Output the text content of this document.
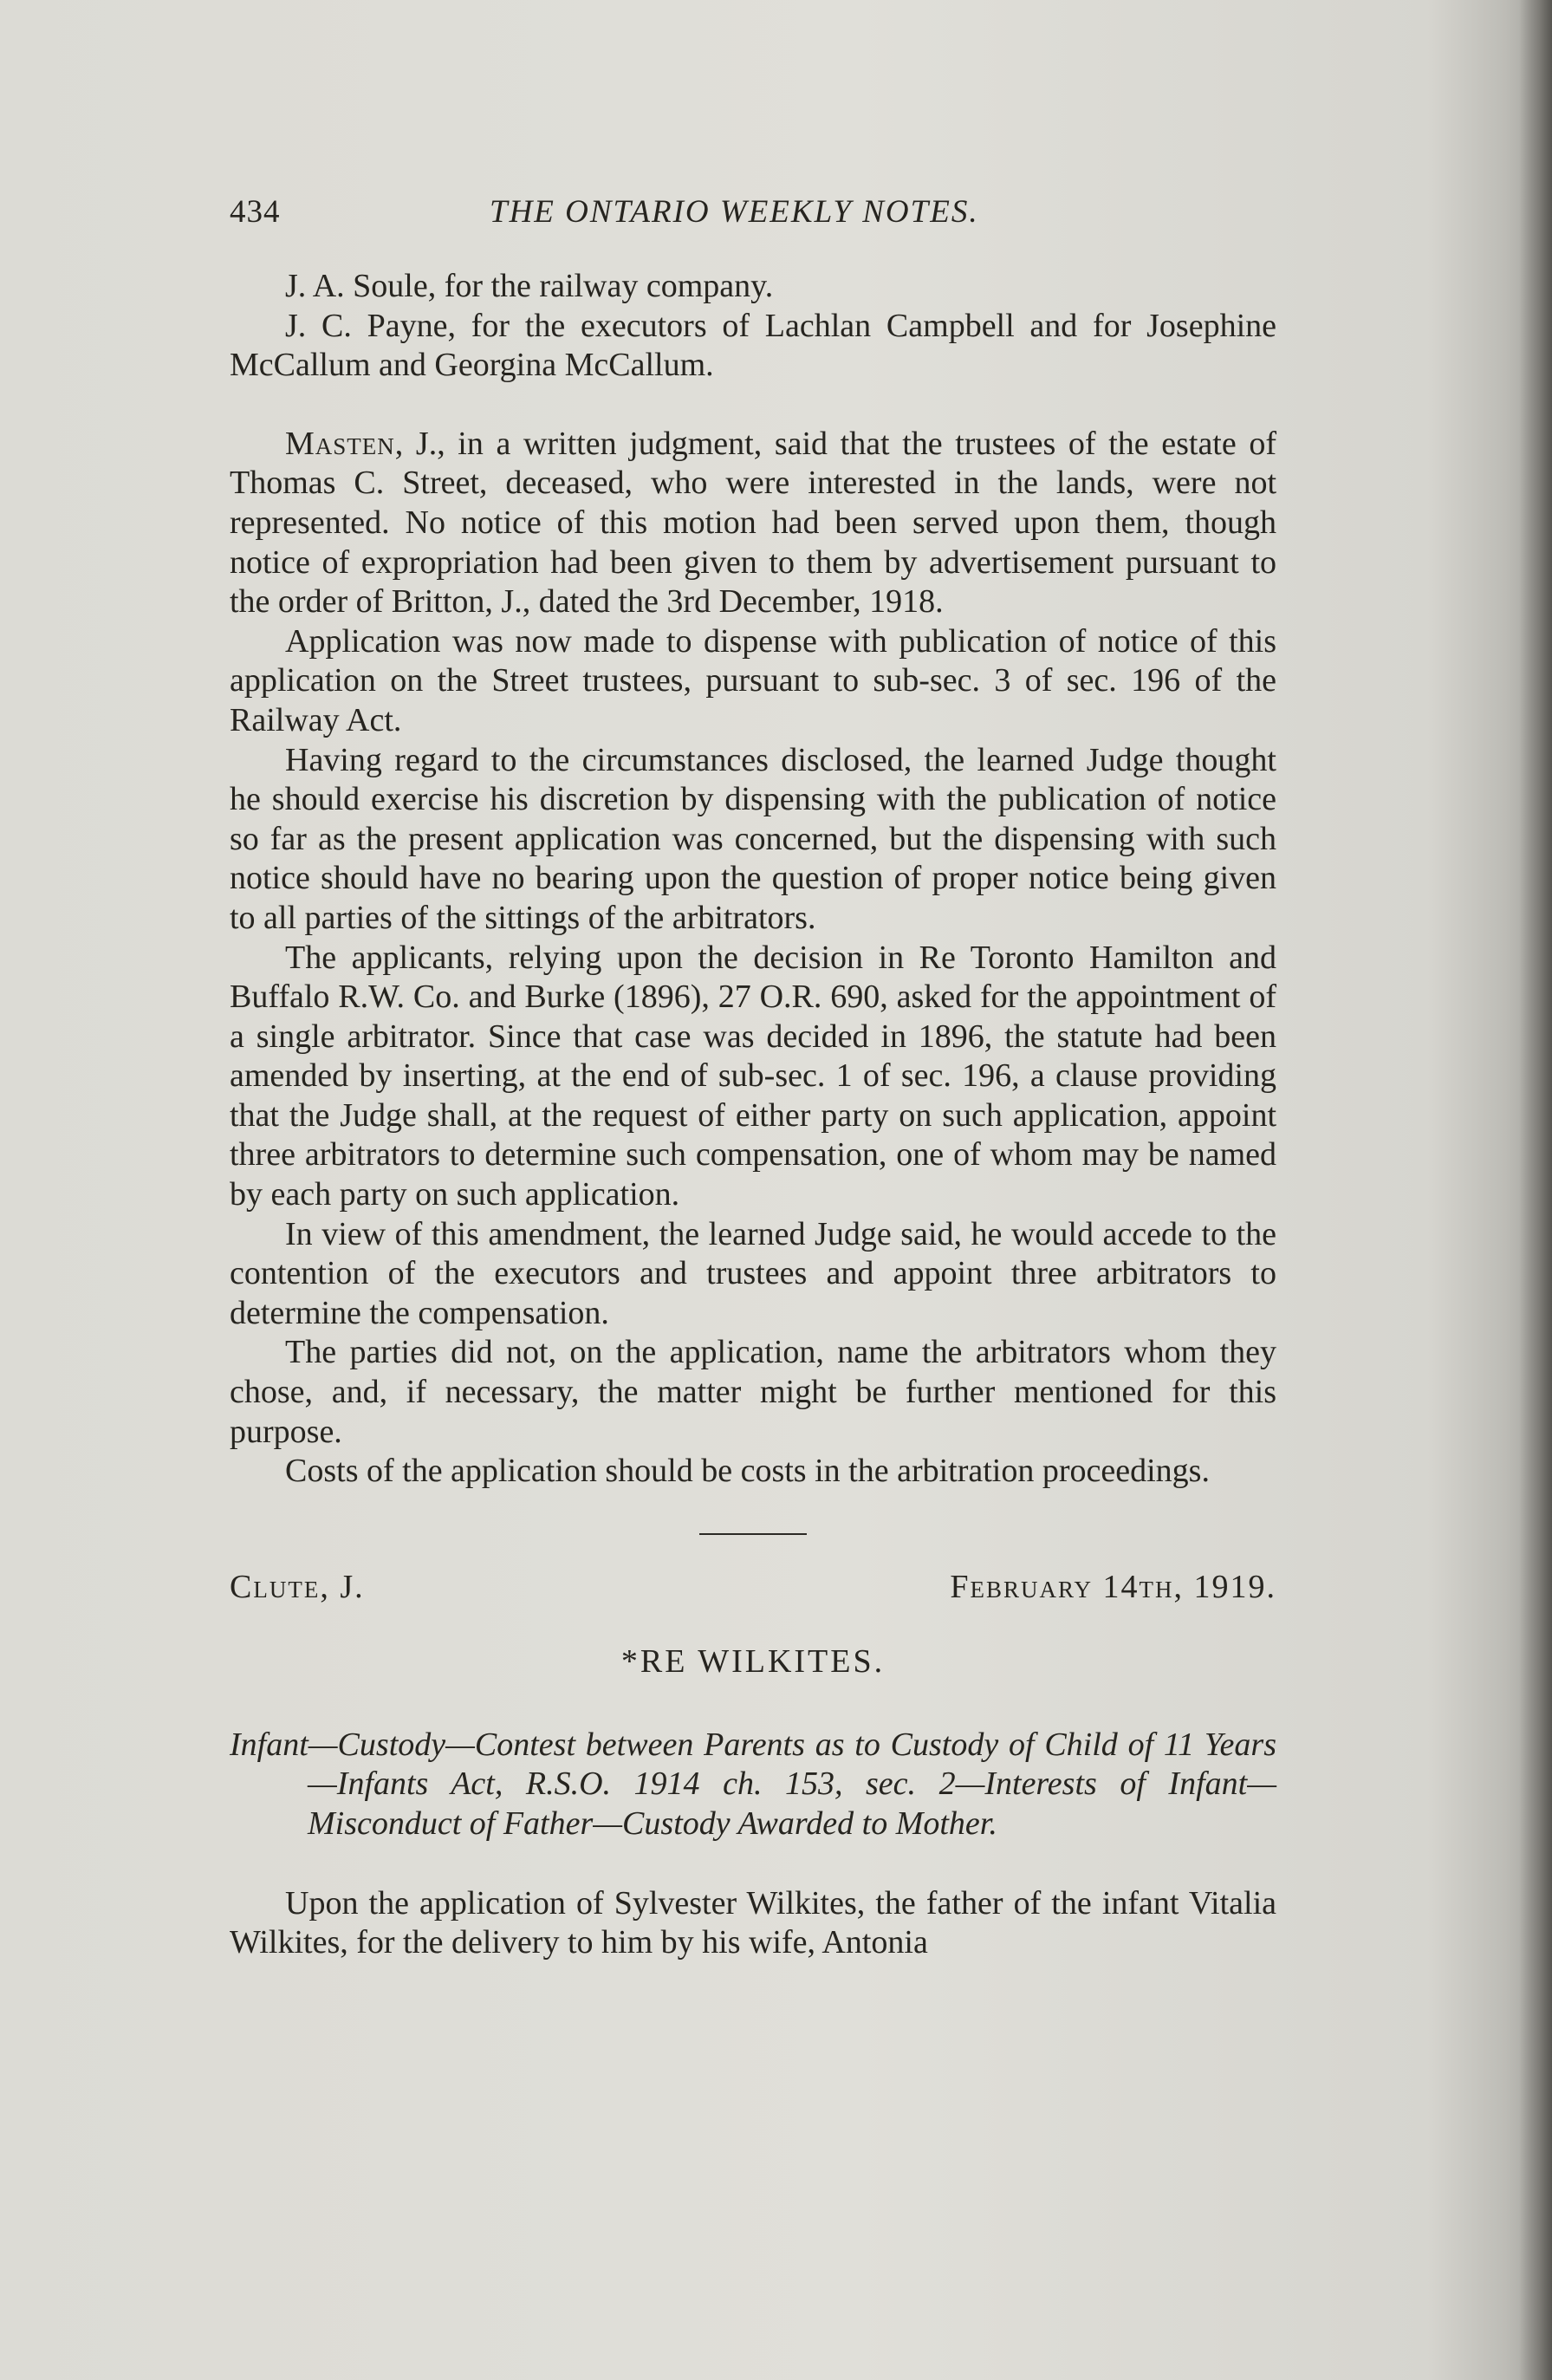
434	THE ONTARIO WEEKLY NOTES.

J. A. Soule, for the railway company.

J. C. Payne, for the executors of Lachlan Campbell and for Josephine McCallum and Georgina McCallum.

Masten, J., in a written judgment, said that the trustees of the estate of Thomas C. Street, deceased, who were interested in the lands, were not represented. No notice of this motion had been served upon them, though notice of expropriation had been given to them by advertisement pursuant to the order of Britton, J., dated the 3rd December, 1918.

Application was now made to dispense with publication of notice of this application on the Street trustees, pursuant to sub-sec. 3 of sec. 196 of the Railway Act.

Having regard to the circumstances disclosed, the learned Judge thought he should exercise his discretion by dispensing with the publication of notice so far as the present application was concerned, but the dispensing with such notice should have no bearing upon the question of proper notice being given to all parties of the sittings of the arbitrators.

The applicants, relying upon the decision in Re Toronto Hamilton and Buffalo R.W. Co. and Burke (1896), 27 O.R. 690, asked for the appointment of a single arbitrator. Since that case was decided in 1896, the statute had been amended by inserting, at the end of sub-sec. 1 of sec. 196, a clause providing that the Judge shall, at the request of either party on such application, appoint three arbitrators to determine such compensation, one of whom may be named by each party on such application.

In view of this amendment, the learned Judge said, he would accede to the contention of the executors and trustees and appoint three arbitrators to determine the compensation.

The parties did not, on the application, name the arbitrators whom they chose, and, if necessary, the matter might be further mentioned for this purpose.

Costs of the application should be costs in the arbitration proceedings.

Clute, J.	February 14th, 1919.
*RE WILKITES.

Infant—Custody—Contest between Parents as to Custody of Child of 11 Years—Infants Act, R.S.O. 1914 ch. 153, sec. 2—Interests of Infant—Misconduct of Father—Custody Awarded to Mother.

Upon the application of Sylvester Wilkites, the father of the infant Vitalia Wilkites, for the delivery to him by his wife, Antonia
